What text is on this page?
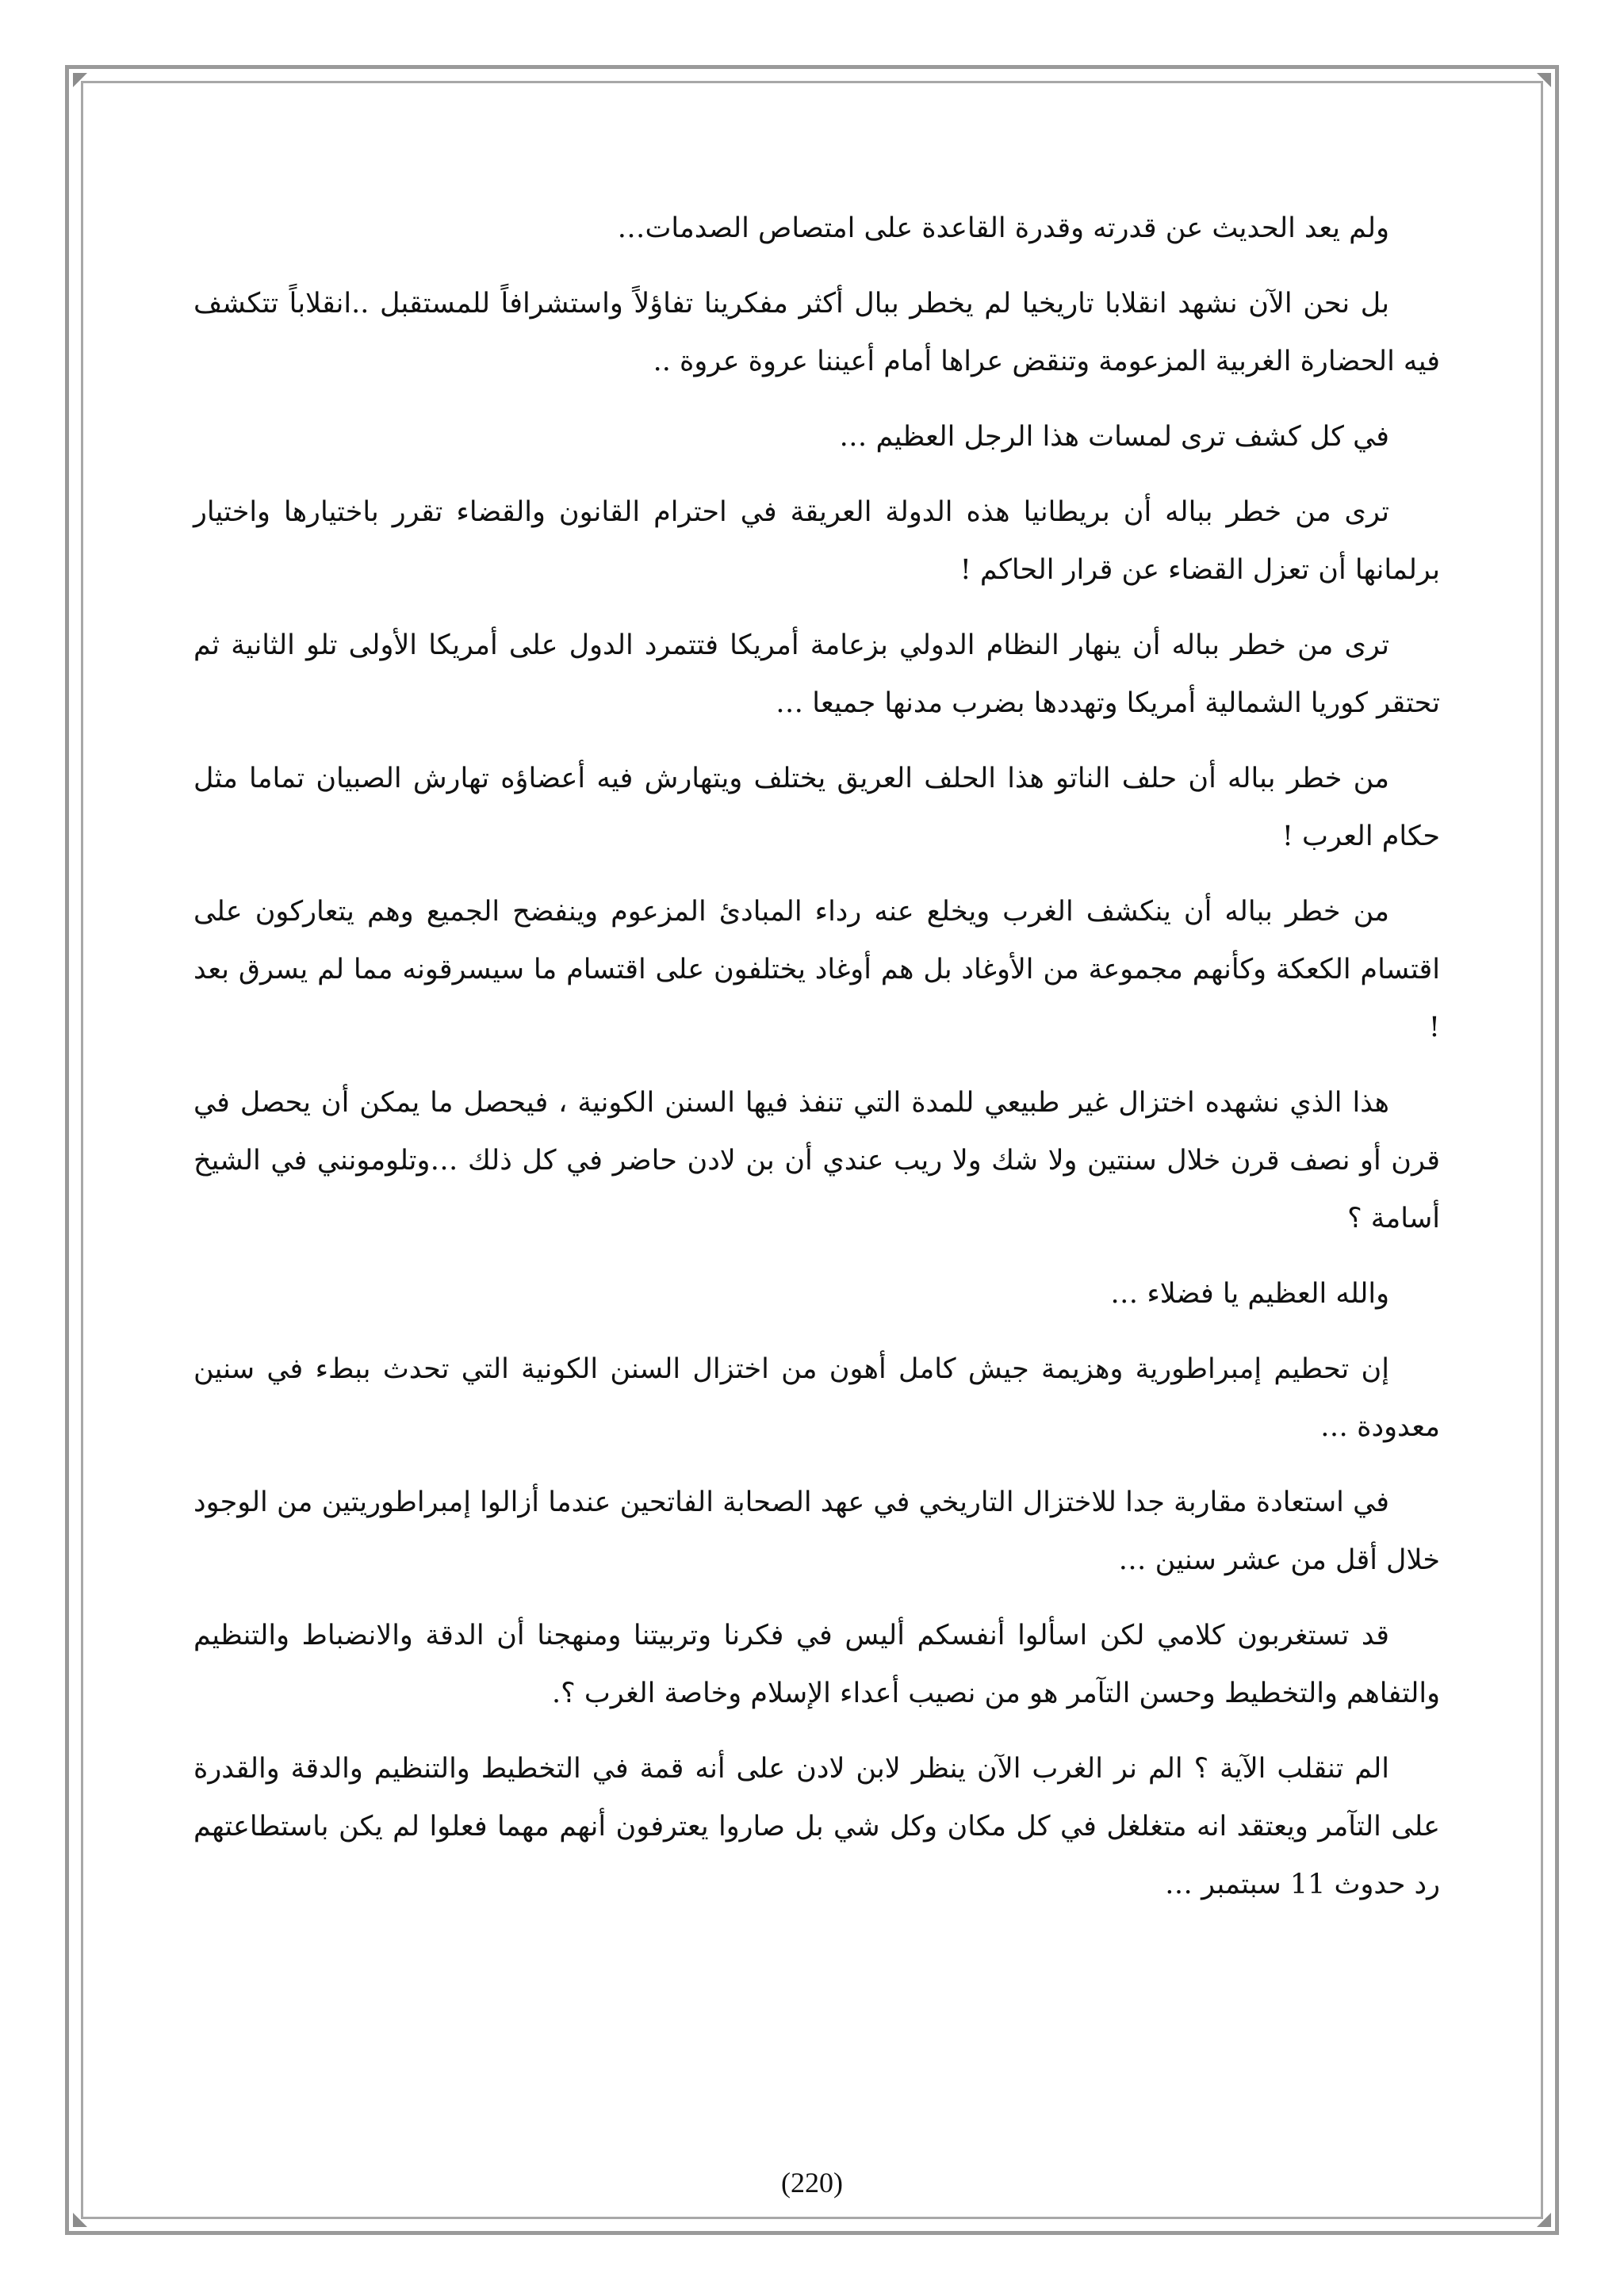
ولم يعد الحديث عن قدرته وقدرة القاعدة على امتصاص الصدمات…

بل نحن الآن نشهد انقلابا تاريخيا لم يخطر ببال أكثر مفكرينا تفاؤلاً واستشرافاً للمستقبل ..انقلاباً تتكشف فيه الحضارة الغربية المزعومة وتنقض عراها أمام أعيننا عروة عروة ..

في كل كشف ترى لمسات هذا الرجل العظيم …

ترى من خطر بباله أن بريطانيا هذه الدولة العريقة في احترام القانون والقضاء تقرر باختيارها واختيار برلمانها أن تعزل القضاء عن قرار الحاكم !

ترى من خطر بباله أن ينهار النظام الدولي بزعامة أمريكا فتتمرد الدول على أمريكا الأولى تلو الثانية ثم تحتقر كوريا الشمالية أمريكا وتهددها بضرب مدنها جميعا …

من خطر بباله أن حلف الناتو هذا الحلف العريق يختلف ويتهارش فيه أعضاؤه تهارش الصبيان تماما مثل حكام العرب !

من خطر بباله أن ينكشف الغرب ويخلع عنه رداء المبادئ المزعوم وينفضح الجميع وهم يتعاركون على اقتسام الكعكة وكأنهم مجموعة من الأوغاد بل هم أوغاد يختلفون على اقتسام ما سيسرقونه مما لم يسرق بعد !

هذا الذي نشهده اختزال غير طبيعي للمدة التي تنفذ فيها السنن الكونية ، فيحصل ما يمكن أن يحصل في قرن أو نصف قرن خلال سنتين ولا شك ولا ريب عندي أن بن لادن حاضر في كل ذلك …وتلومونني في الشيخ أسامة ؟

والله العظيم يا فضلاء …

إن تحطيم إمبراطورية وهزيمة جيش كامل أهون من اختزال السنن الكونية التي تحدث ببطء في سنين معدودة …

في استعادة مقاربة جدا للاختزال التاريخي في عهد الصحابة الفاتحين عندما أزالوا إمبراطوريتين من الوجود خلال أقل من عشر سنين …

قد تستغربون كلامي لكن اسألوا أنفسكم أليس في فكرنا وتربيتنا ومنهجنا أن الدقة والانضباط والتنظيم والتفاهم والتخطيط وحسن التآمر هو من نصيب أعداء الإسلام وخاصة الغرب ؟.

الم تنقلب الآية ؟ الم نر الغرب الآن ينظر لابن لادن على أنه قمة في التخطيط والتنظيم والدقة والقدرة على التآمر ويعتقد انه متغلغل في كل مكان وكل شي بل صاروا يعترفون أنهم مهما فعلوا لم يكن باستطاعتهم رد حدوث 11 سبتمبر …

(220)
